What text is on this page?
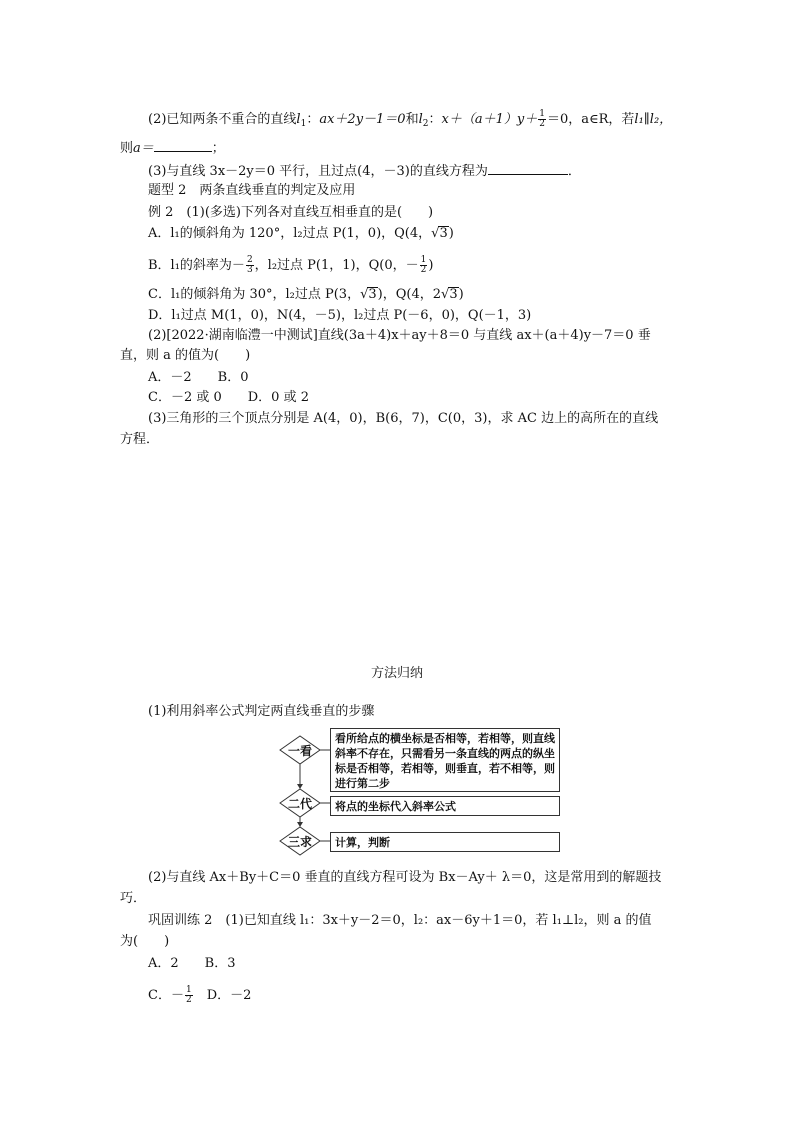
(2)已知两条不重合的直线$l_1$：ax＋2y－1＝0和$l_2$：$x+(a+1)y+ \frac{1}{2} =0$，a∈R，若l₁∥l₂，
则a＝	；
(3)与直线 3x－2y＝0 平行，且过点(4，－3)的直线方程为	．
题型 2　两条直线垂直的判定及应用
例 2　(1)(多选)下列各对直线互相垂直的是(　　)
A．l₁的倾斜角为 120°，l₂过点 P(1，0)，Q(4，√3)
B．l₁的斜率为－ $\frac{2}{3}$ ，l₂过点 P(1，1)，Q(0，－ $\frac{1}{2}$ )
C．l₁的倾斜角为 30°，l₂过点 P(3，√3)，Q(4，2√3)
D．l₁过点 M(1，0)，N(4，－5)，l₂过点 P(－6，0)，Q(－1，3)
(2)[2022·湖南临澧一中测试]直线(3a＋4)x＋ay＋8＝0 与直线 ax＋(a＋4)y－7＝0 垂
直，则 a 的值为(　　)
A．－2　　B．0
C．－2 或 0　　D．0 或 2
(3)三角形的三个顶点分别是 A(4，0)，B(6，7)，C(0，3)，求 AC 边上的高所在的直线
方程．
方法归纳
(1)利用斜率公式判定两直线垂直的步骤
一看
二代
三求
看所给点的横坐标是否相等，若相等，则直线斜率不存在，只需看另一条直线的两点的纵坐标是否相等，若相等，则垂直，若不相等，则进行第二步
将点的坐标代入斜率公式
计算，判断
(2)与直线 Ax＋By＋C＝0 垂直的直线方程可设为 Bx－Ay＋ λ＝0，这是常用到的解题技
巧．
巩固训练 2　(1)已知直线 l₁：3x＋y－2＝0，l₂：ax－6y＋1＝0，若 l₁⊥l₂，则 a 的值
为(　　)
A．2　　B．3
C．－ $\frac{1}{2}$ 　D．－2
